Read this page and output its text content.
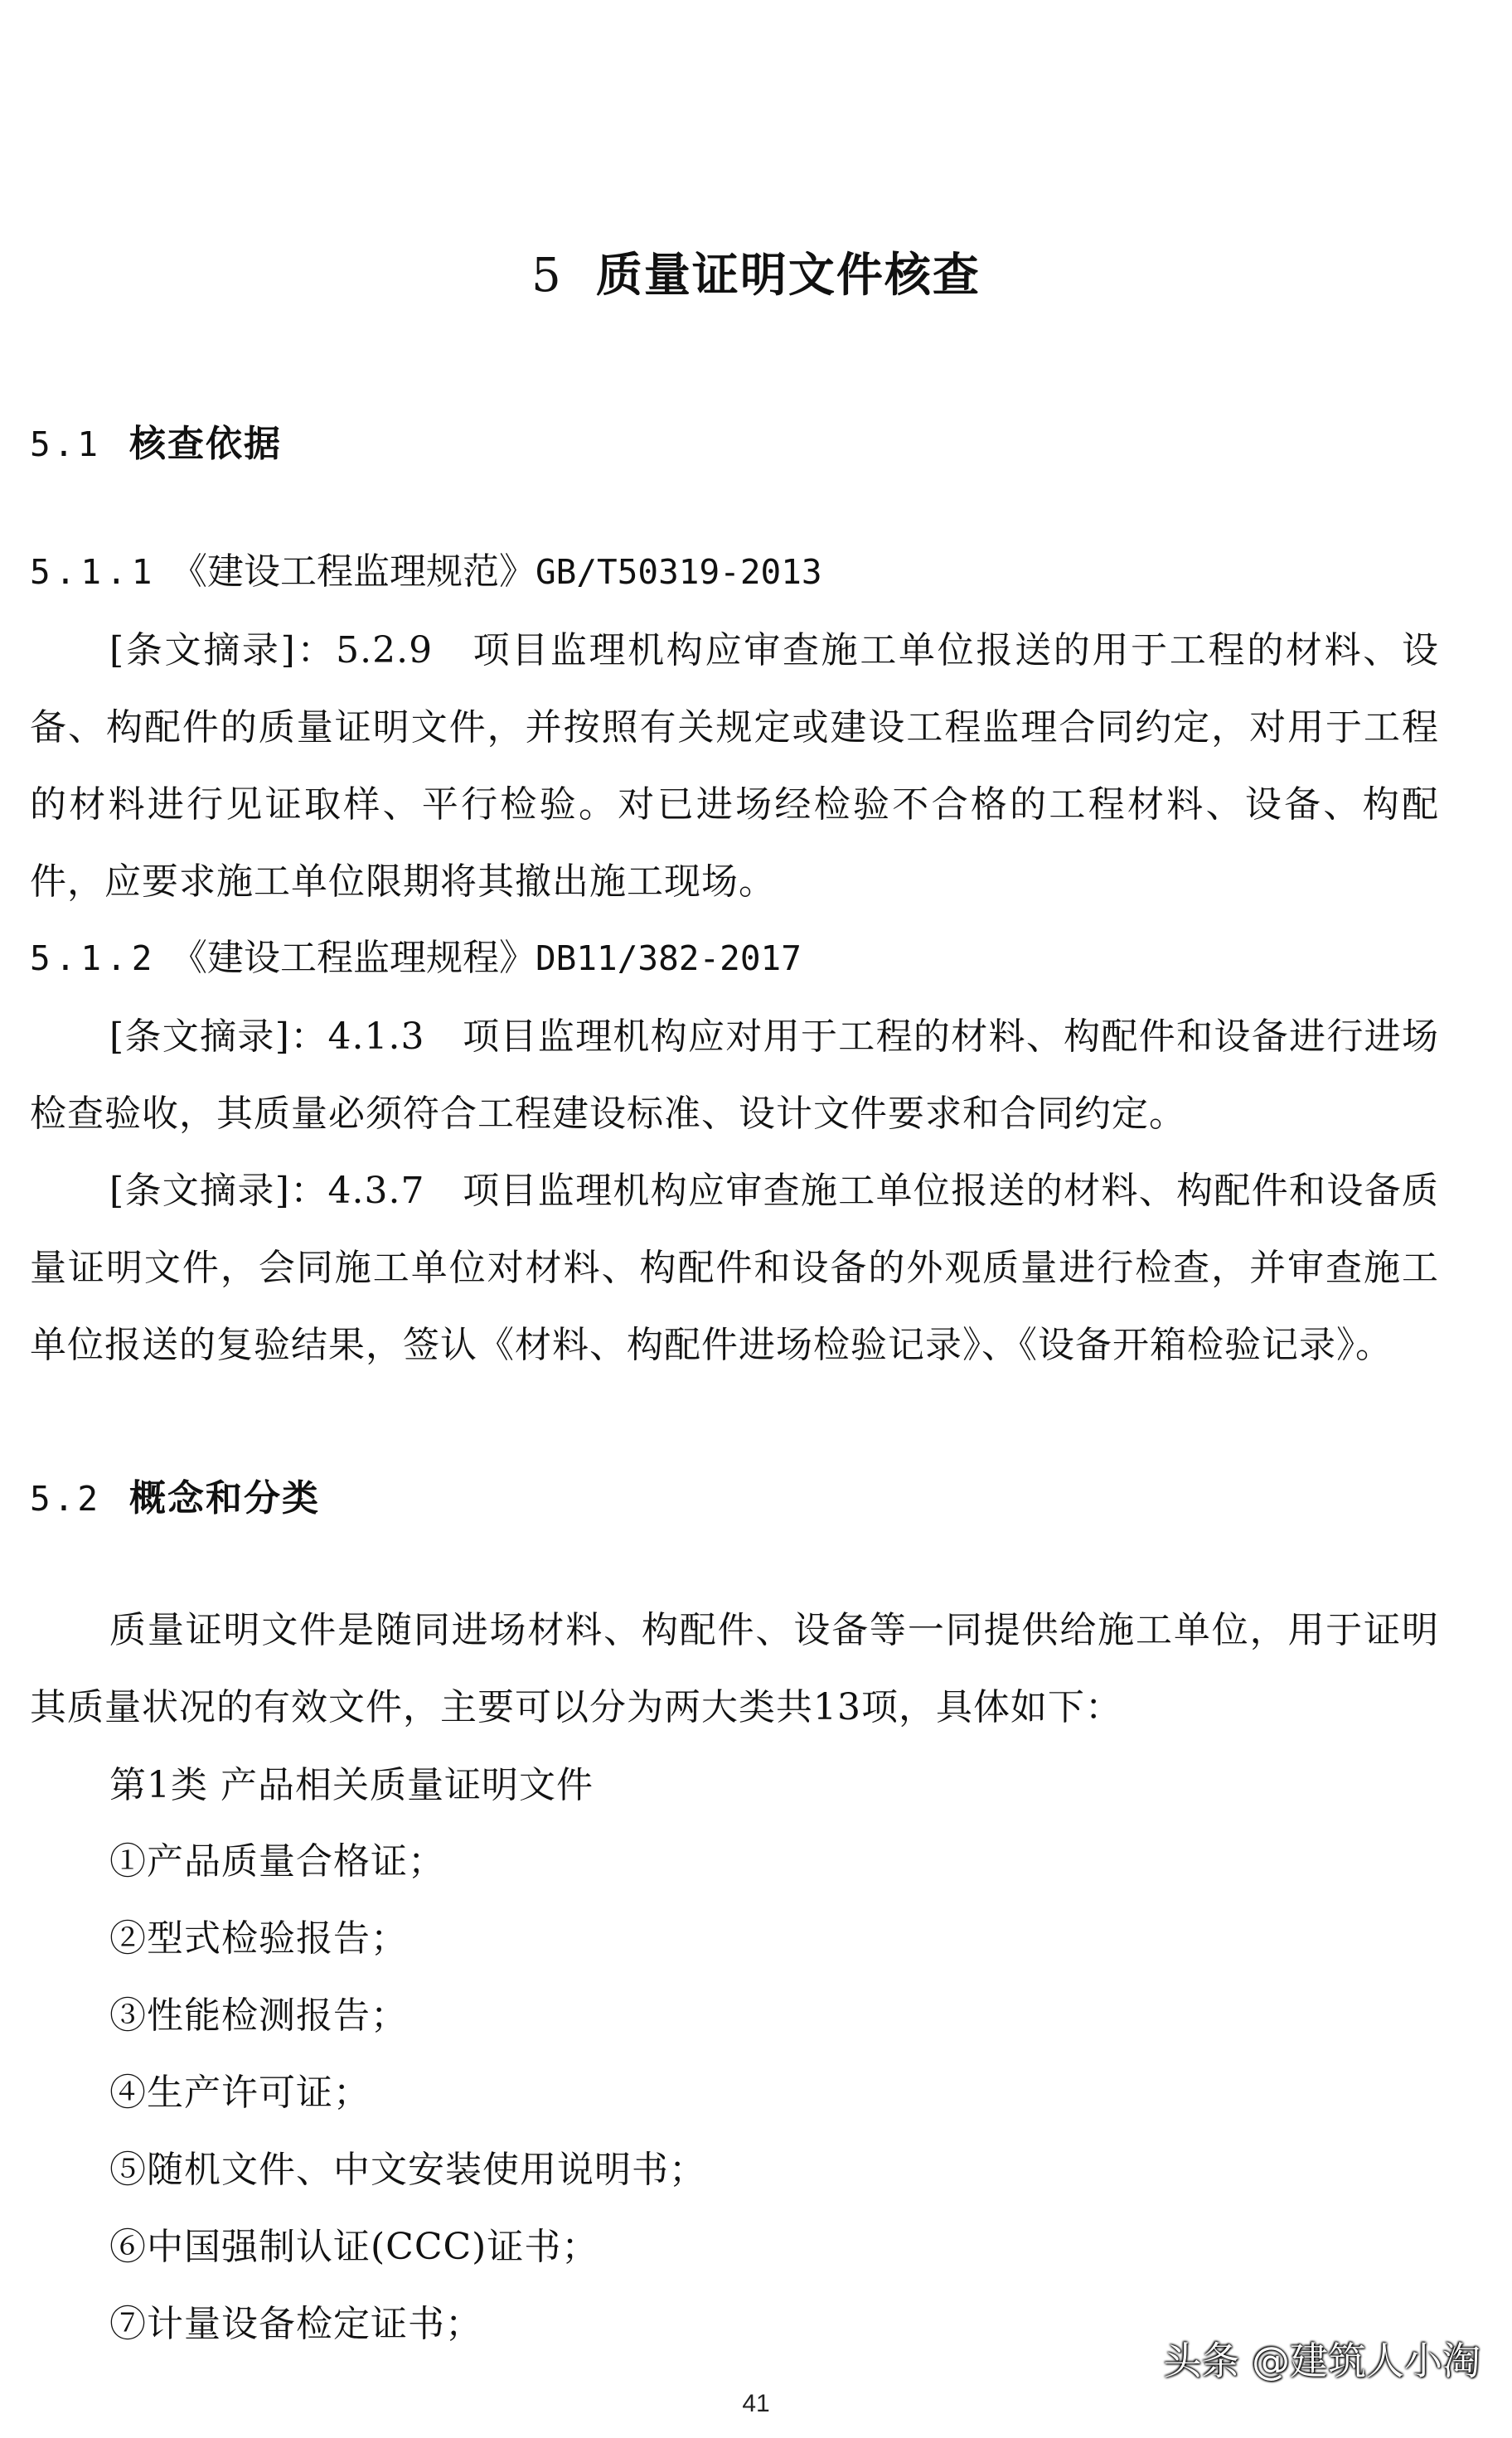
5 质量证明文件核查
5.1 核查依据
5.1.1 《建设工程监理规范》GB/T50319-2013
[条文摘录]：5.2.9　项目监理机构应审查施工单位报送的用于工程的材料、设备、构配件的质量证明文件，并按照有关规定或建设工程监理合同约定，对用于工程的材料进行见证取样、平行检验。对已进场经检验不合格的工程材料、设备、构配件，应要求施工单位限期将其撤出施工现场。
5.1.2 《建设工程监理规程》DB11/382-2017
[条文摘录]：4.1.3　项目监理机构应对用于工程的材料、构配件和设备进行进场检查验收，其质量必须符合工程建设标准、设计文件要求和合同约定。
[条文摘录]：4.3.7　项目监理机构应审查施工单位报送的材料、构配件和设备质量证明文件，会同施工单位对材料、构配件和设备的外观质量进行检查，并审查施工单位报送的复验结果，签认《材料、构配件进场检验记录》、《设备开箱检验记录》。
5.2 概念和分类
质量证明文件是随同进场材料、构配件、设备等一同提供给施工单位，用于证明其质量状况的有效文件，主要可以分为两大类共13项，具体如下：
第1类 产品相关质量证明文件
①产品质量合格证；
②型式检验报告；
③性能检测报告；
④生产许可证；
⑤随机文件、中文安装使用说明书；
⑥中国强制认证(CCC)证书；
⑦计量设备检定证书；
头条 @建筑人小淘
41
